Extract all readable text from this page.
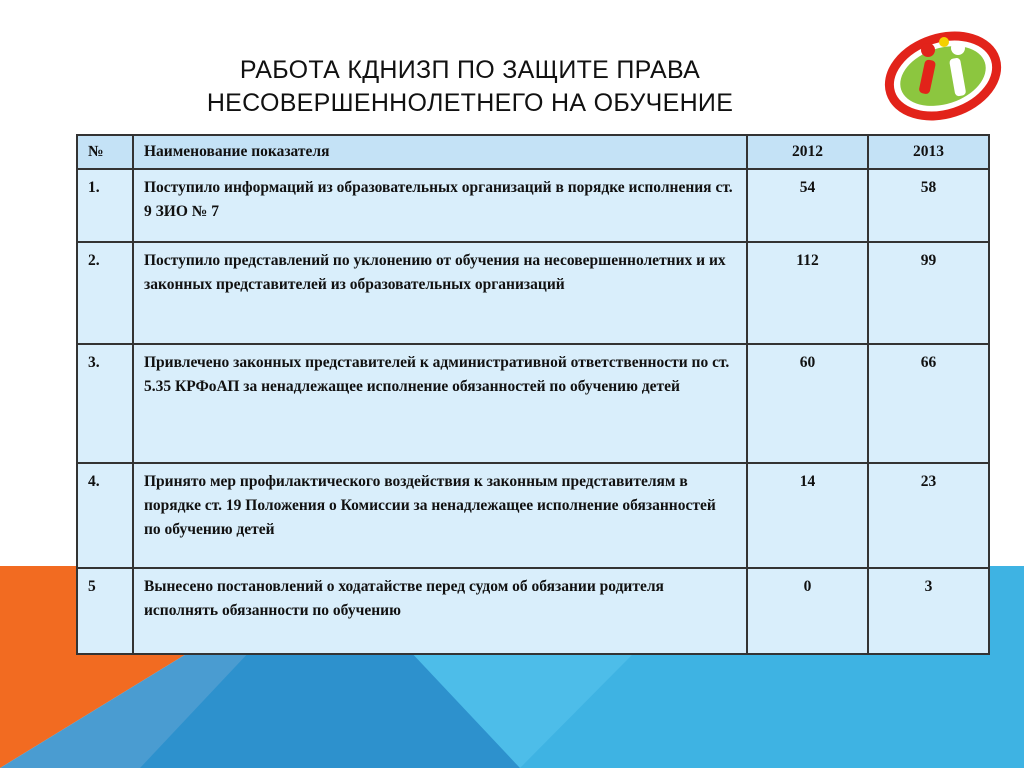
РАБОТА КДНИЗП ПО ЗАЩИТЕ ПРАВА
НЕСОВЕРШЕННОЛЕТНЕГО НА ОБУЧЕНИЕ
№	Наименование показателя	2012	2013
1.	Поступило информаций из образовательных организаций в порядке исполнения ст. 9 ЗИО № 7	54	58
2.	Поступило представлений по уклонению от обучения на несовершеннолетних и их законных представителей из образовательных организаций	112	99
3.	Привлечено законных представителей к административной ответственности по ст. 5.35 КРФоАП за ненадлежащее исполнение обязанностей по обучению детей	60	66
4.	Принято мер профилактического воздействия к законным представителям в порядке ст. 19 Положения о Комиссии за ненадлежащее исполнение обязанностей по обучению детей	14	23
5	Вынесено постановлений о ходатайстве перед судом об обязании родителя исполнять обязанности по обучению	0	3
